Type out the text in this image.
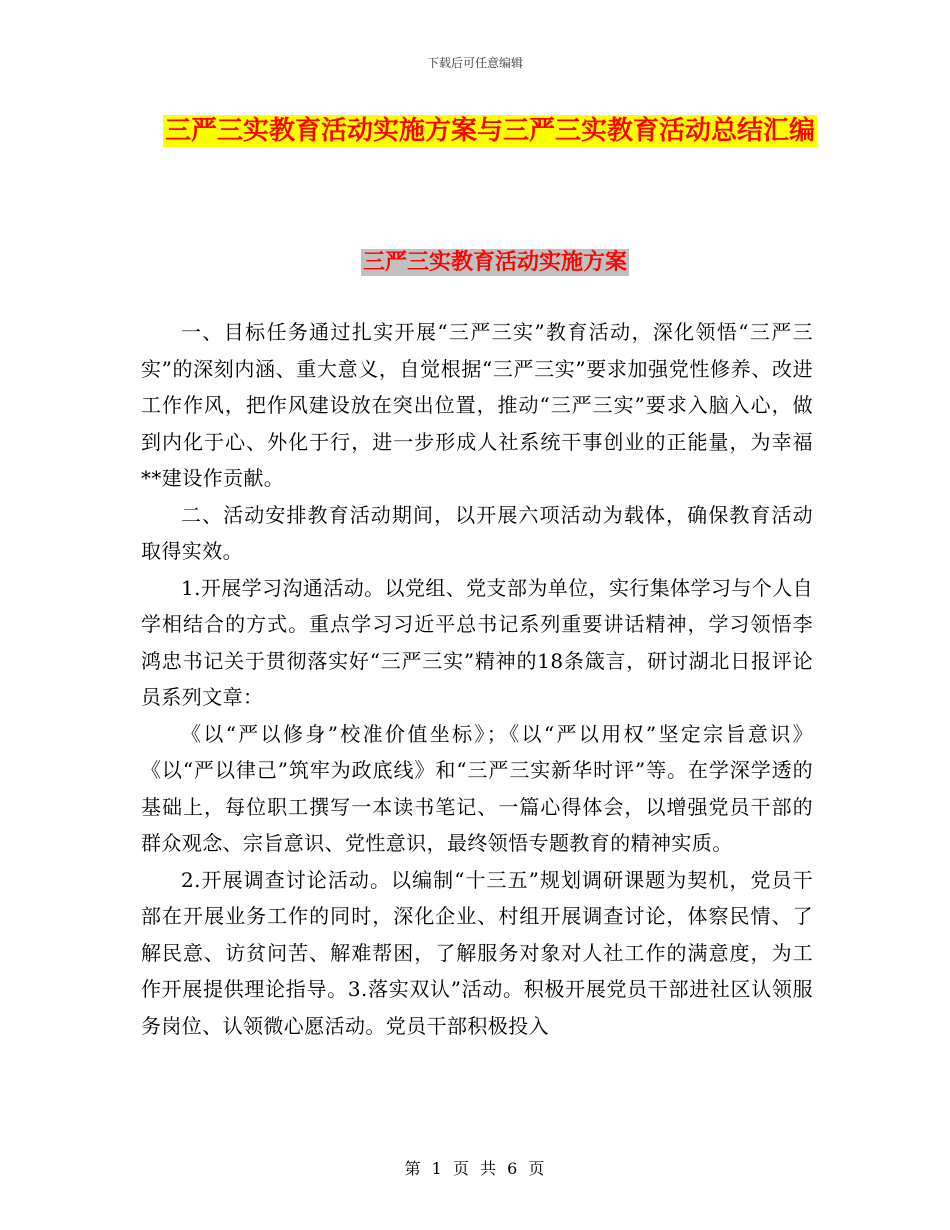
下载后可任意编辑
三严三实教育活动实施方案与三严三实教育活动总结汇编
三严三实教育活动实施方案

一、目标任务通过扎实开展“三严三实”教育活动，深化领悟“三严三实”的深刻内涵、重大意义，自觉根据“三严三实”要求加强党性修养、改进工作作风，把作风建设放在突出位置，推动“三严三实”要求入脑入心，做到内化于心、外化于行，进一步形成人社系统干事创业的正能量，为幸福**建设作贡献。

二、活动安排教育活动期间，以开展六项活动为载体，确保教育活动取得实效。

1.开展学习沟通活动。以党组、党支部为单位，实行集体学习与个人自学相结合的方式。重点学习习近平总书记系列重要讲话精神，学习领悟李鸿忠书记关于贯彻落实好“三严三实”精神的18条箴言，研讨湖北日报评论员系列文章：

《以“严以修身”校准价值坐标》；《以“严以用权”坚定宗旨意识》《以“严以律己”筑牢为政底线》和“三严三实新华时评”等。在学深学透的基础上，每位职工撰写一本读书笔记、一篇心得体会，以增强党员干部的群众观念、宗旨意识、党性意识，最终领悟专题教育的精神实质。

2.开展调查讨论活动。以编制“十三五”规划调研课题为契机，党员干部在开展业务工作的同时，深化企业、村组开展调查讨论，体察民情、了解民意、访贫问苦、解难帮困，了解服务对象对人社工作的满意度，为工作开展提供理论指导。3.落实双认”活动。积极开展党员干部进社区认领服务岗位、认领微心愿活动。党员干部积极投入

第 1 页 共 6 页
